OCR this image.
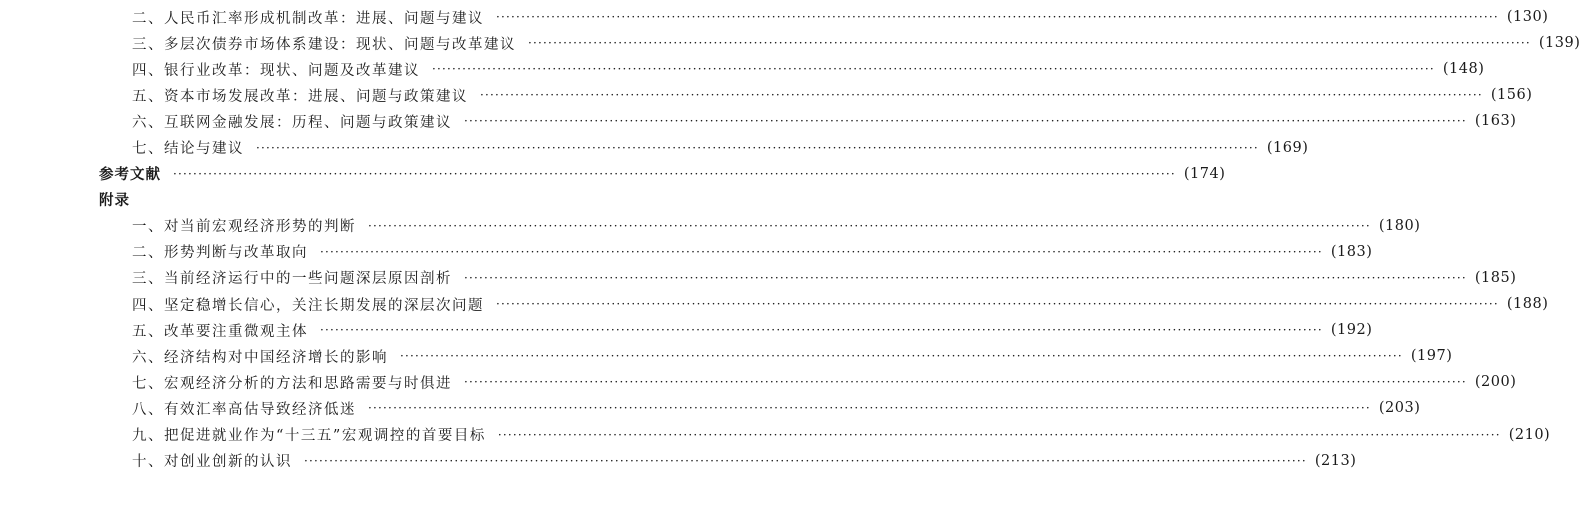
二、人民币汇率形成机制改革：进展、问题与建议 ········································································································································································································ (130)
三、多层次债券市场体系建设：现状、问题与改革建议 ········································································································································································································ (139)
四、银行业改革：现状、问题及改革建议 ········································································································································································································ (148)
五、资本市场发展改革：进展、问题与政策建议 ········································································································································································································ (156)
六、互联网金融发展：历程、问题与政策建议 ········································································································································································································ (163)
七、结论与建议 ········································································································································································································ (169)
参考文献 ········································································································································································································ (174)
附录
一、对当前宏观经济形势的判断 ········································································································································································································ (180)
二、形势判断与改革取向 ········································································································································································································ (183)
三、当前经济运行中的一些问题深层原因剖析 ········································································································································································································ (185)
四、坚定稳增长信心，关注长期发展的深层次问题 ········································································································································································································ (188)
五、改革要注重微观主体 ········································································································································································································ (192)
六、经济结构对中国经济增长的影响 ········································································································································································································ (197)
七、宏观经济分析的方法和思路需要与时俱进 ········································································································································································································ (200)
八、有效汇率高估导致经济低迷 ········································································································································································································ (203)
九、把促进就业作为“十三五”宏观调控的首要目标 ········································································································································································································ (210)
十、对创业创新的认识 ········································································································································································································ (213)
